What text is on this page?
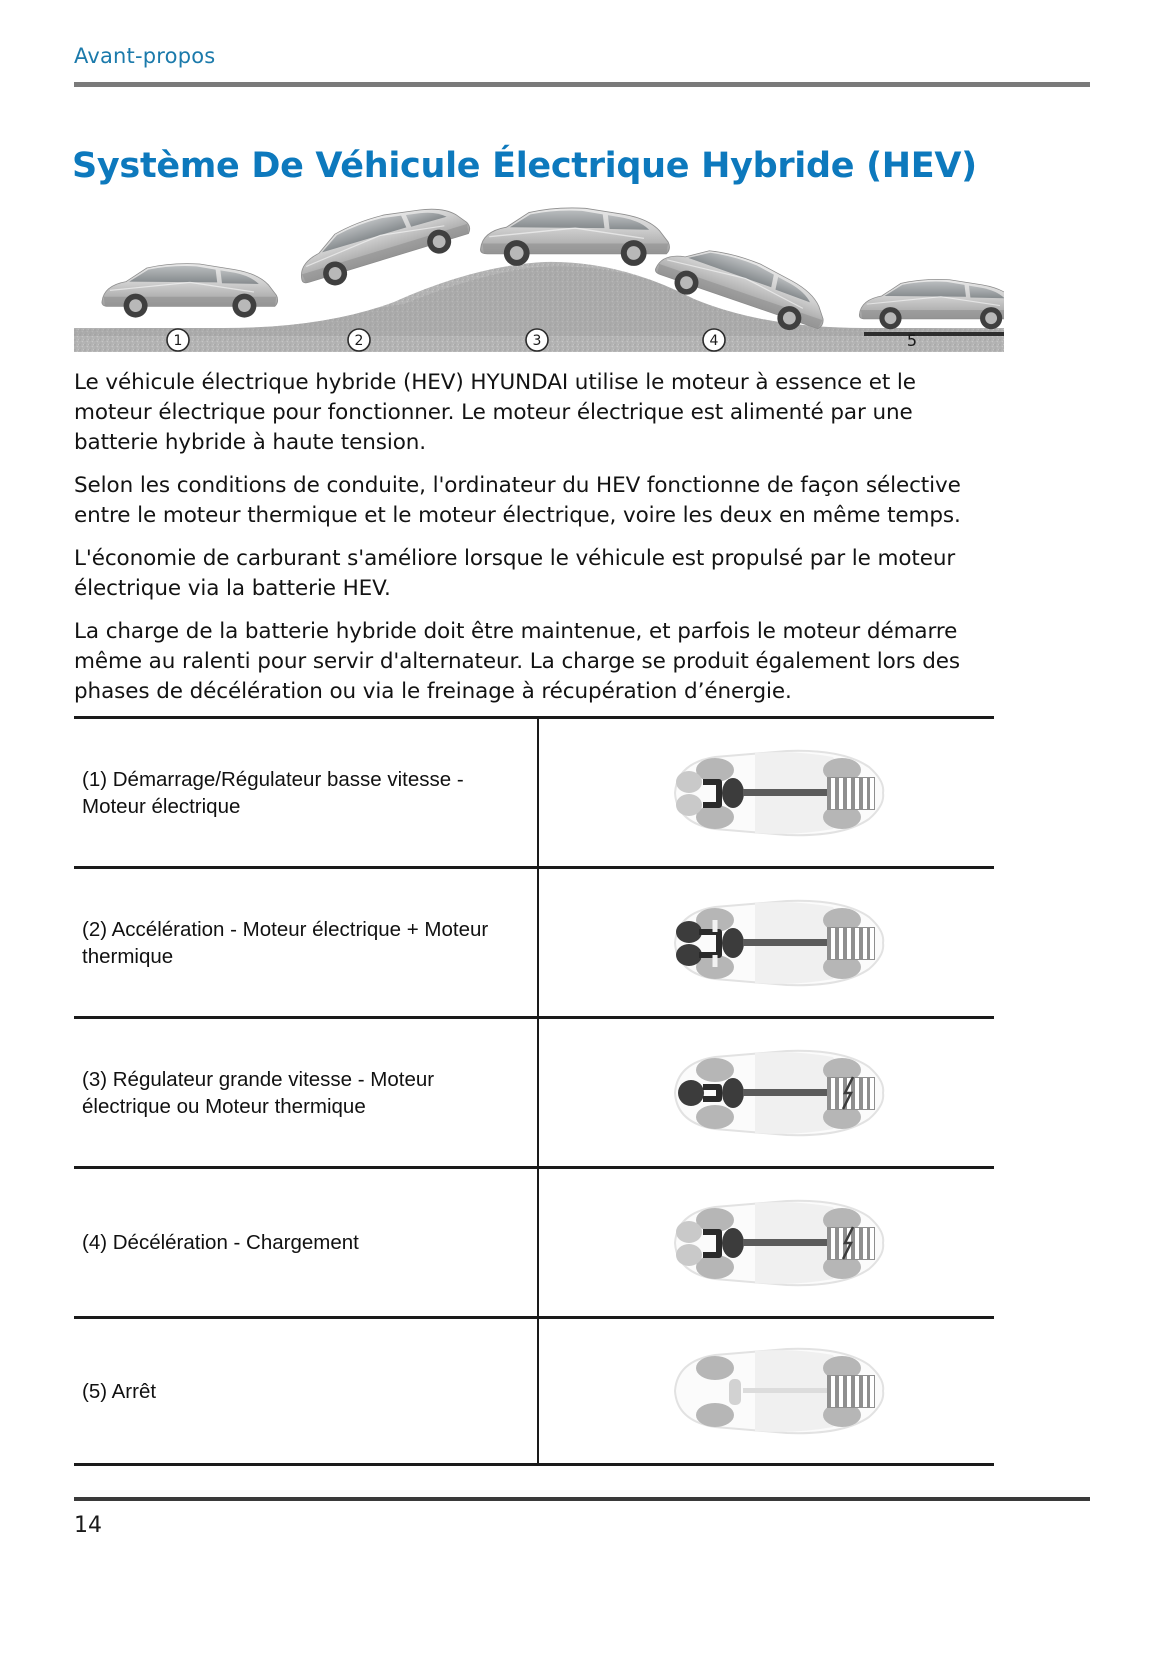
Avant-propos
Système De Véhicule Électrique Hybride (HEV)
1	2	3	4	5

Le véhicule électrique hybride (HEV) HYUNDAI utilise le moteur à essence et le moteur électrique pour fonctionner. Le moteur électrique est alimenté par une batterie hybride à haute tension.

Selon les conditions de conduite, l'ordinateur du HEV fonctionne de façon sélective entre le moteur thermique et le moteur électrique, voire les deux en même temps.

L'économie de carburant s'améliore lorsque le véhicule est propulsé par le moteur électrique via la batterie HEV.

La charge de la batterie hybride doit être maintenue, et parfois le moteur démarre même au ralenti pour servir d'alternateur. La charge se produit également lors des phases de décélération ou via le freinage à récupération d’énergie.

(1) Démarrage/Régulateur basse vitesse - Moteur électrique
(2) Accélération - Moteur électrique + Moteur thermique
(3) Régulateur grande vitesse - Moteur électrique ou Moteur thermique
(4) Décélération - Chargement
(5) Arrêt
14
